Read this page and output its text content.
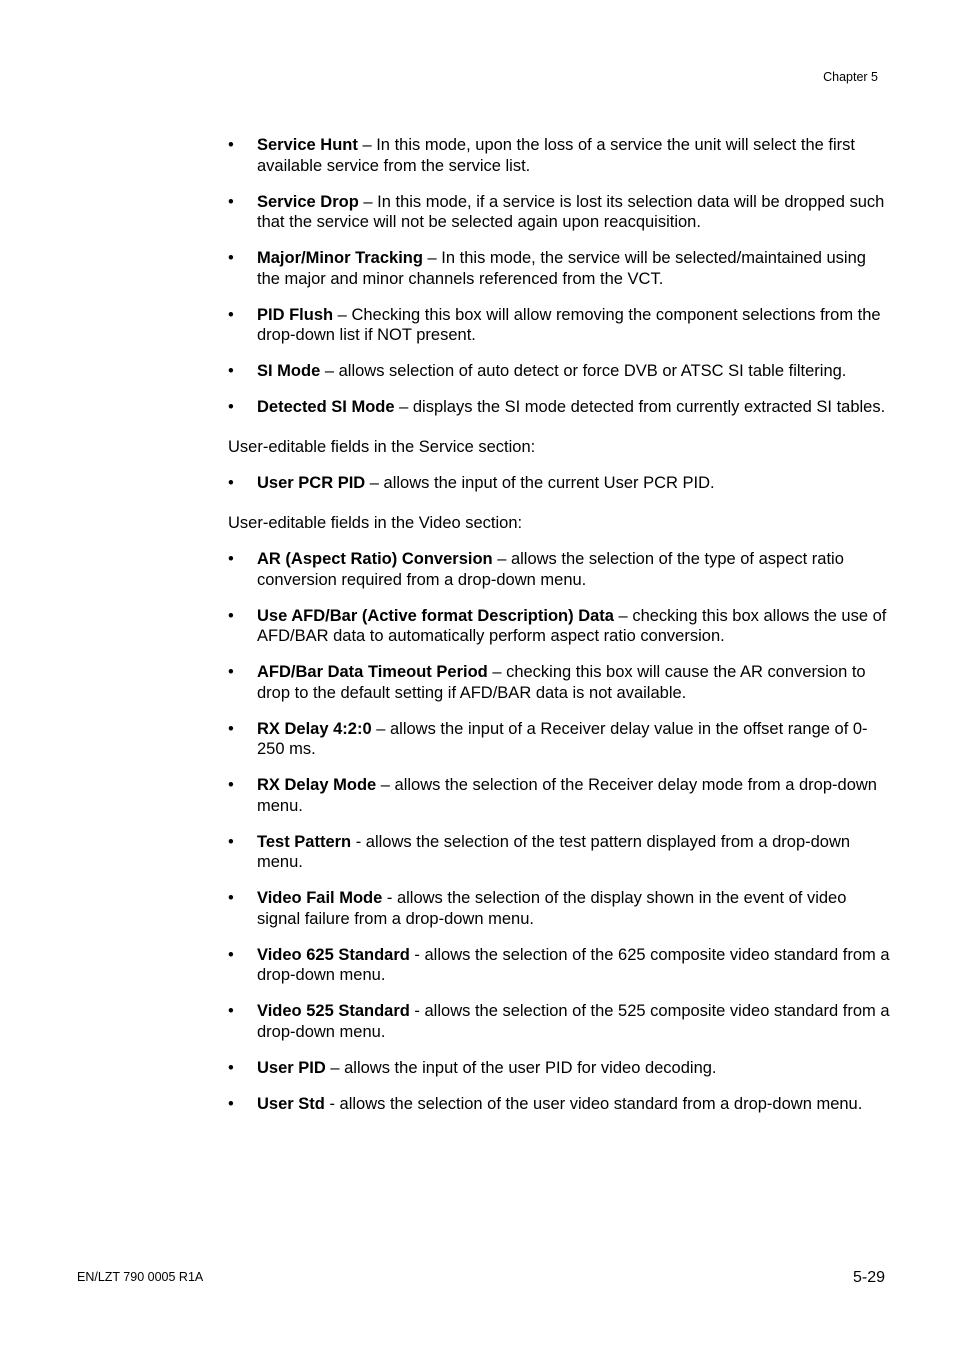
Chapter 5
• Service Hunt – In this mode, upon the loss of a service the unit will select the first available service from the service list.
• Service Drop – In this mode, if a service is lost its selection data will be dropped such that the service will not be selected again upon reacquisition.
• Major/Minor Tracking – In this mode, the service will be selected/maintained using the major and minor channels referenced from the VCT.
• PID Flush – Checking this box will allow removing the component selections from the drop-down list if NOT present.
• SI Mode – allows selection of auto detect or force DVB or ATSC SI table filtering.
• Detected SI Mode – displays the SI mode detected from currently extracted SI tables.

User-editable fields in the Service section:

• User PCR PID – allows the input of the current User PCR PID.

User-editable fields in the Video section:

• AR (Aspect Ratio) Conversion – allows the selection of the type of aspect ratio conversion required from a drop-down menu.
• Use AFD/Bar (Active format Description) Data – checking this box allows the use of AFD/BAR data to automatically perform aspect ratio conversion.
• AFD/Bar Data Timeout Period – checking this box will cause the AR conversion to drop to the default setting if AFD/BAR data is not available.
• RX Delay 4:2:0 – allows the input of a Receiver delay value in the offset range of 0-250 ms.
• RX Delay Mode – allows the selection of the Receiver delay mode from a drop-down menu.
• Test Pattern - allows the selection of the test pattern displayed from a drop-down menu.
• Video Fail Mode - allows the selection of the display shown in the event of video signal failure from a drop-down menu.
• Video 625 Standard - allows the selection of the 625 composite video standard from a drop-down menu.
• Video 525 Standard - allows the selection of the 525 composite video standard from a drop-down menu.
• User PID – allows the input of the user PID for video decoding.
• User Std - allows the selection of the user video standard from a drop-down menu.
EN/LZT 790 0005 R1A	5-29
